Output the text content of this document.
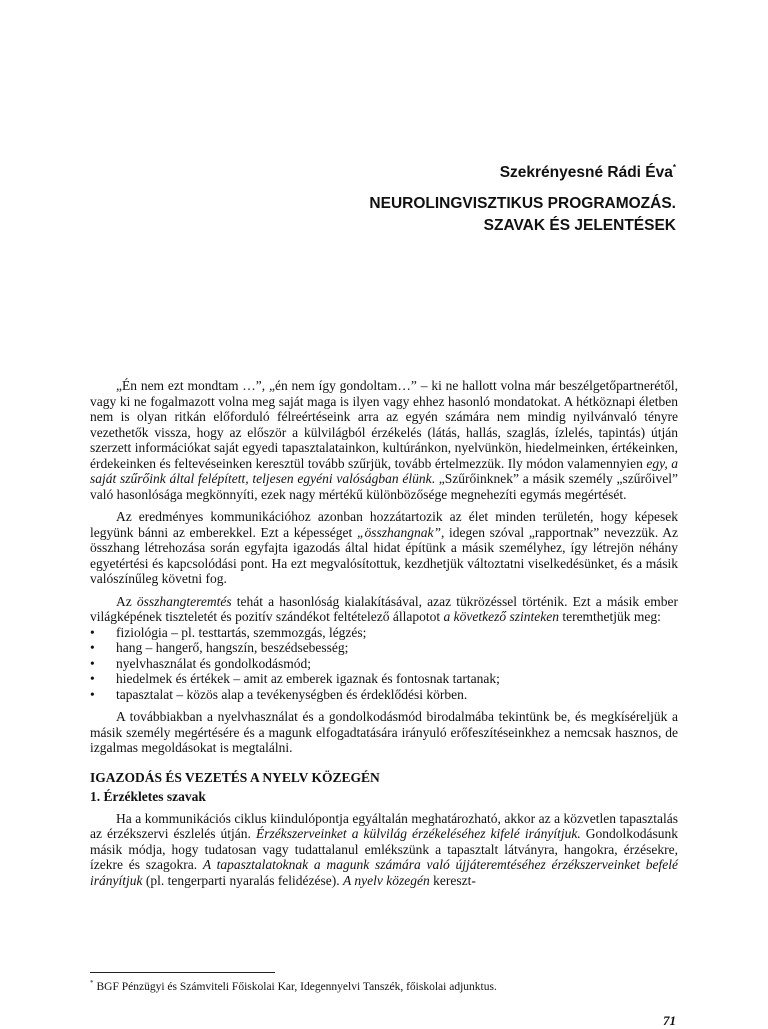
Szekrényesné Rádi Éva*
NEUROLINGVISZTIKUS PROGRAMOZÁS.
SZAVAK ÉS JELENTÉSEK

„Én nem ezt mondtam …”, „én nem így gondoltam…” – ki ne hallott volna már beszélgetőpartnerétől, vagy ki ne fogalmazott volna meg saját maga is ilyen vagy ehhez hasonló mondatokat. A hétköznapi életben nem is olyan ritkán előforduló félreértéseink arra az egyén számára nem mindig nyilvánvaló tényre vezethetők vissza, hogy az először a külvilágból érzékelés (látás, hallás, szaglás, ízlelés, tapintás) útján szerzett információkat saját egyedi tapasztalatainkon, kultúránkon, nyelvünkön, hiedelmeinken, értékeinken, érdekeinken és feltevéseinken keresztül tovább szűrjük, tovább értelmezzük. Ily módon valamennyien egy, a saját szűrőink által felépített, teljesen egyéni valóságban élünk. „Szűrőinknek” a másik személy „szűrőivel” való hasonlósága megkönnyíti, ezek nagy mértékű különbözősége megnehezíti egymás megértését.

Az eredményes kommunikációhoz azonban hozzátartozik az élet minden területén, hogy képesek legyünk bánni az emberekkel. Ezt a képességet „összhangnak”, idegen szóval „rapportnak” nevezzük. Az összhang létrehozása során egyfajta igazodás által hidat építünk a másik személyhez, így létrejön néhány egyetértési és kapcsolódási pont. Ha ezt megvalósítottuk, kezdhetjük változtatni viselkedésünket, és a másik valószínűleg követni fog.

Az összhangteremtés tehát a hasonlóság kialakításával, azaz tükrözéssel történik. Ezt a másik ember világképének tiszteletét és pozitív szándékot feltételező állapotot a következő szinteken teremthetjük meg:

• fiziológia – pl. testtartás, szemmozgás, légzés;
• hang – hangerő, hangszín, beszédsebesség;
• nyelvhasználat és gondolkodásmód;
• hiedelmek és értékek – amit az emberek igaznak és fontosnak tartanak;
• tapasztalat – közös alap a tevékenységben és érdeklődési körben.

A továbbiakban a nyelvhasználat és a gondolkodásmód birodalmába tekintünk be, és megkíséreljük a másik személy megértésére és a magunk elfogadtatására irányuló erőfeszítéseinkhez a nemcsak hasznos, de izgalmas megoldásokat is megtalálni.

IGAZODÁS ÉS VEZETÉS A NYELV KÖZEGÉN
1. Érzékletes szavak

Ha a kommunikációs ciklus kiindulópontja egyáltalán meghatározható, akkor az a közvetlen tapasztalás az érzékszervi észlelés útján. Érzékszerveinket a külvilág érzékeléséhez kifelé irányítjuk. Gondolkodásunk másik módja, hogy tudatosan vagy tudattalanul emlékszünk a tapasztalt látványra, hangokra, érzésekre, ízekre és szagokra. A tapasztalatoknak a magunk számára való újjáteremtéséhez érzékszerveinket befelé irányítjuk (pl. tengerparti nyaralás felidézése). A nyelv közegén kereszt-

* BGF Pénzügyi és Számviteli Főiskolai Kar, Idegennyelvi Tanszék, főiskolai adjunktus.
71
